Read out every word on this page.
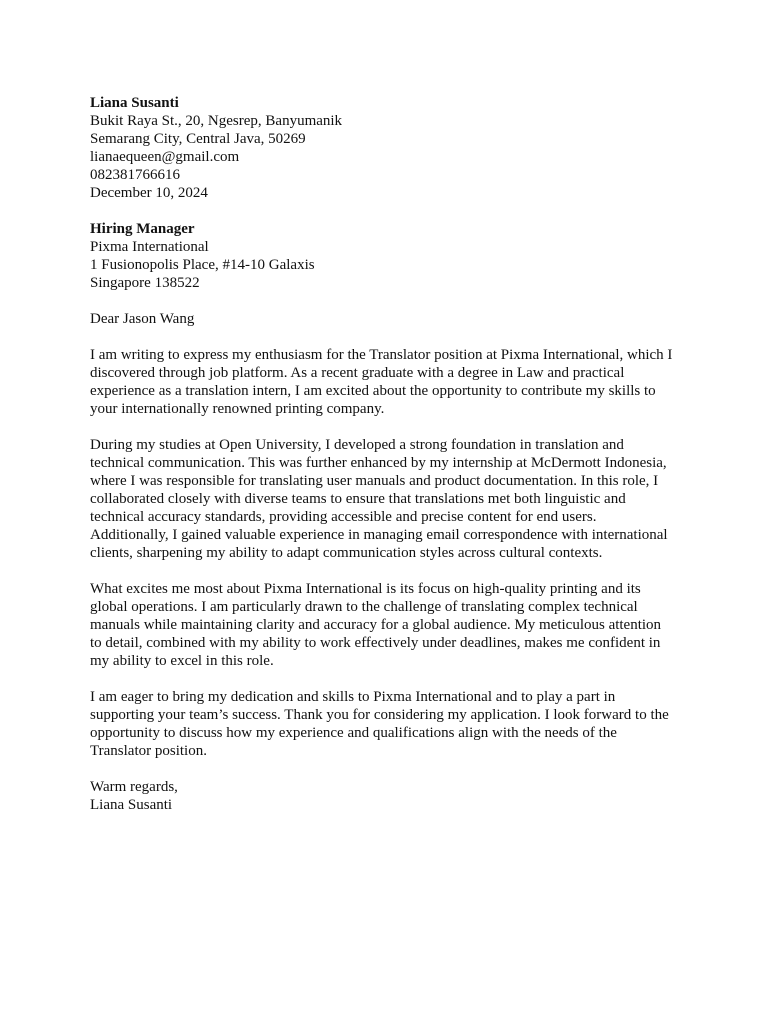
Liana Susanti
Bukit Raya St., 20, Ngesrep, Banyumanik
Semarang City, Central Java, 50269
lianaequeen@gmail.com
082381766616
December 10, 2024
Hiring Manager
Pixma International
1 Fusionopolis Place, #14-10 Galaxis
Singapore 138522
Dear Jason Wang
I am writing to express my enthusiasm for the Translator position at Pixma International, which I
discovered through job platform. As a recent graduate with a degree in Law and practical
experience as a translation intern, I am excited about the opportunity to contribute my skills to
your internationally renowned printing company.
During my studies at Open University, I developed a strong foundation in translation and
technical communication. This was further enhanced by my internship at McDermott Indonesia,
where I was responsible for translating user manuals and product documentation. In this role, I
collaborated closely with diverse teams to ensure that translations met both linguistic and
technical accuracy standards, providing accessible and precise content for end users.
Additionally, I gained valuable experience in managing email correspondence with international
clients, sharpening my ability to adapt communication styles across cultural contexts.
What excites me most about Pixma International is its focus on high-quality printing and its
global operations. I am particularly drawn to the challenge of translating complex technical
manuals while maintaining clarity and accuracy for a global audience. My meticulous attention
to detail, combined with my ability to work effectively under deadlines, makes me confident in
my ability to excel in this role.
I am eager to bring my dedication and skills to Pixma International and to play a part in
supporting your team’s success. Thank you for considering my application. I look forward to the
opportunity to discuss how my experience and qualifications align with the needs of the
Translator position.
Warm regards,
Liana Susanti
